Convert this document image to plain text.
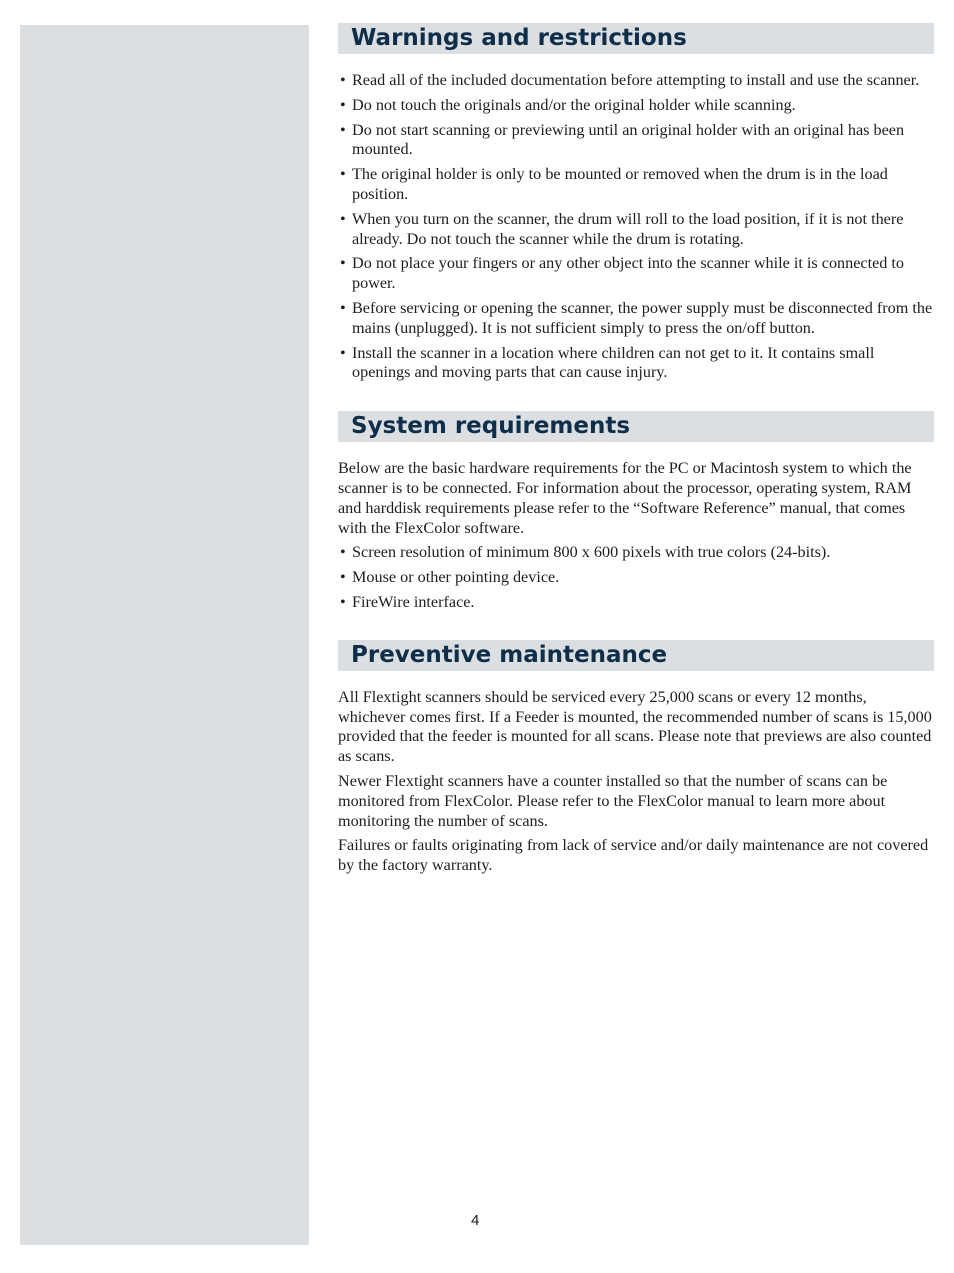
Warnings and restrictions
• Read all of the included documentation before attempting to install and use the scanner.
• Do not touch the originals and/or the original holder while scanning.
• Do not start scanning or previewing until an original holder with an original has been mounted.
• The original holder is only to be mounted or removed when the drum is in the load position.
• When you turn on the scanner, the drum will roll to the load position, if it is not there already. Do not touch the scanner while the drum is rotating.
• Do not place your fingers or any other object into the scanner while it is connected to power.
• Before servicing or opening the scanner, the power supply must be disconnected from the mains (unplugged). It is not sufficient simply to press the on/off button.
• Install the scanner in a location where children can not get to it. It contains small openings and moving parts that can cause injury.
System requirements

Below are the basic hardware requirements for the PC or Macintosh system to which the scanner is to be connected. For information about the processor, operating system, RAM and harddisk requirements please refer to the “Software Reference” manual, that comes with the FlexColor software.

• Screen resolution of minimum 800 x 600 pixels with true colors (24-bits).
• Mouse or other pointing device.
• FireWire interface.
Preventive maintenance

All Flextight scanners should be serviced every 25,000 scans or every 12 months, whichever comes first. If a Feeder is mounted, the recommended number of scans is 15,000 provided that the feeder is mounted for all scans. Please note that previews are also counted as scans.

Newer Flextight scanners have a counter installed so that the number of scans can be monitored from FlexColor. Please refer to the FlexColor manual to learn more about monitoring the number of scans.

Failures or faults originating from lack of service and/or daily maintenance are not covered by the factory warranty.

4
